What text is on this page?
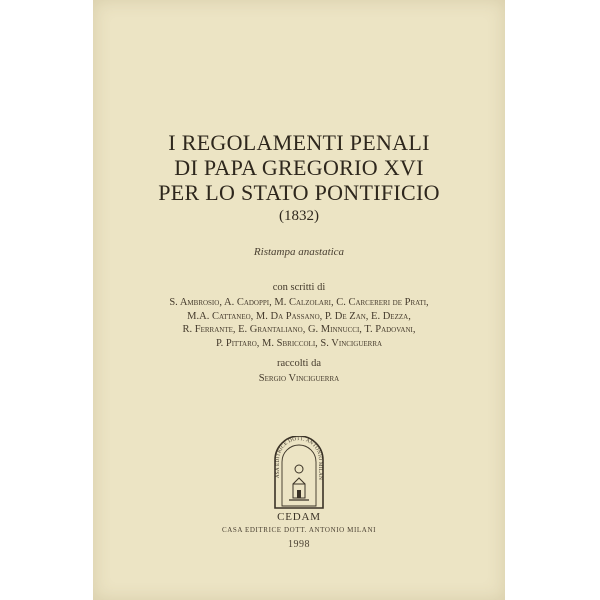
I REGOLAMENTI PENALI
DI PAPA GREGORIO XVI
PER LO STATO PONTIFICIO
(1832)
Ristampa anastatica
con scritti di
S. Ambrosio, A. Cadoppi, M. Calzolari, C. Carcereri de Prati,
M.A. Cattaneo, M. Da Passano, P. De Zan, E. Dezza,
R. Ferrante, E. Grantaliano, G. Minnucci, T. Padovani,
P. Pittaro, M. Sbriccoli, S. Vinciguerra
raccolti da
Sergio Vinciguerra
ASA EDITRICE DOTT. ANTONIO MILAN
CEDAM
CASA EDITRICE DOTT. ANTONIO MILANI
1998
